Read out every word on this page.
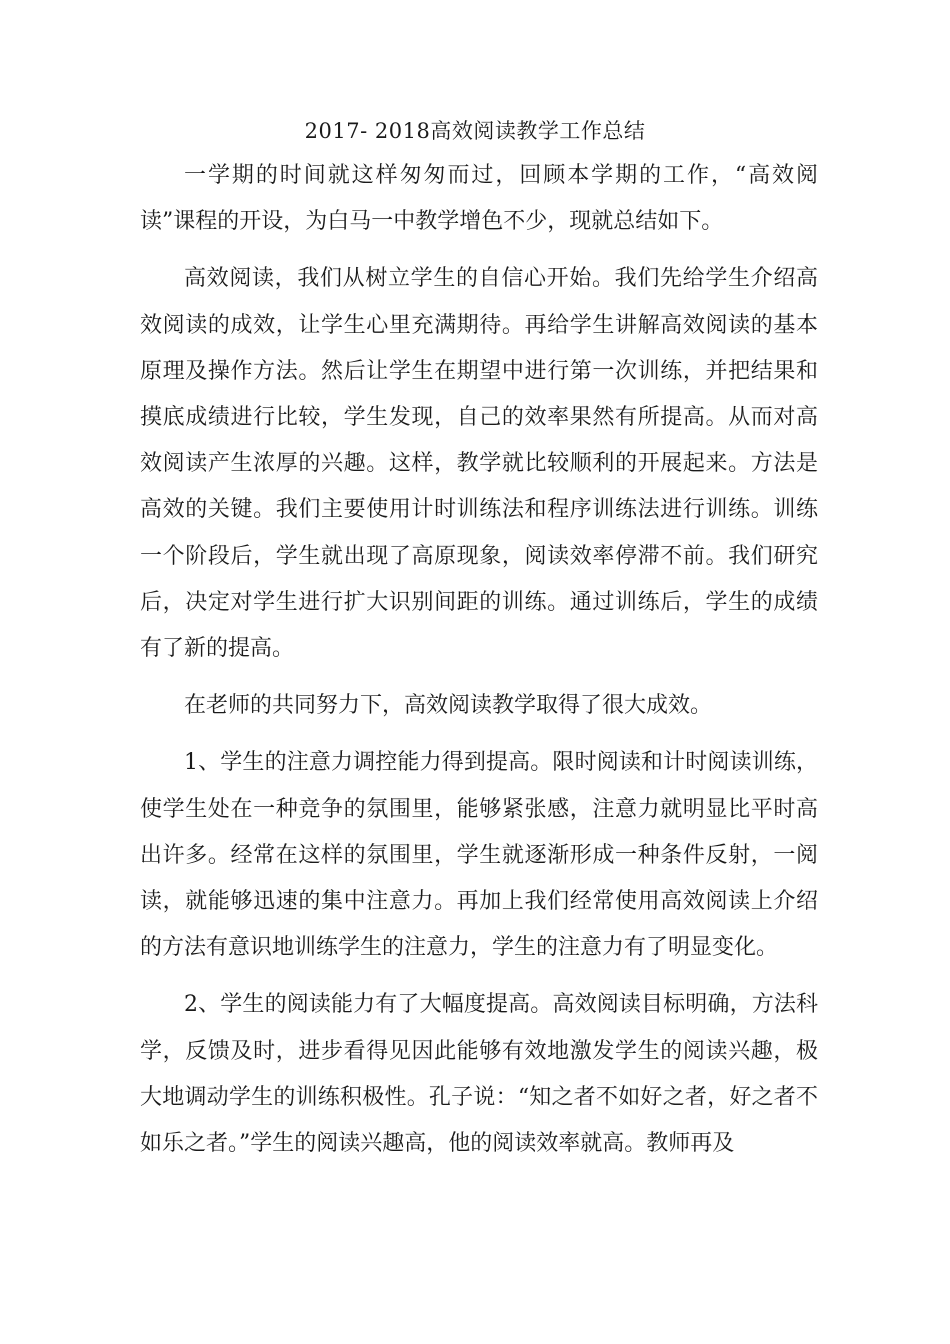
2017- 2018高效阅读教学工作总结

一学期的时间就这样匆匆而过，回顾本学期的工作，“高效阅读”课程的开设，为白马一中教学增色不少，现就总结如下。

高效阅读，我们从树立学生的自信心开始。我们先给学生介绍高效阅读的成效，让学生心里充满期待。再给学生讲解高效阅读的基本原理及操作方法。然后让学生在期望中进行第一次训练，并把结果和摸底成绩进行比较，学生发现，自己的效率果然有所提高。从而对高效阅读产生浓厚的兴趣。这样，教学就比较顺利的开展起来。方法是高效的关键。我们主要使用计时训练法和程序训练法进行训练。训练一个阶段后，学生就出现了高原现象，阅读效率停滞不前。我们研究后，决定对学生进行扩大识别间距的训练。通过训练后，学生的成绩有了新的提高。

在老师的共同努力下，高效阅读教学取得了很大成效。

1、学生的注意力调控能力得到提高。限时阅读和计时阅读训练，使学生处在一种竞争的氛围里，能够紧张感，注意力就明显比平时高出许多。经常在这样的氛围里，学生就逐渐形成一种条件反射，一阅读，就能够迅速的集中注意力。再加上我们经常使用高效阅读上介绍的方法有意识地训练学生的注意力，学生的注意力有了明显变化。

2、学生的阅读能力有了大幅度提高。高效阅读目标明确，方法科学，反馈及时，进步看得见因此能够有效地激发学生的阅读兴趣，极大地调动学生的训练积极性。孔子说：“知之者不如好之者，好之者不如乐之者。”学生的阅读兴趣高，他的阅读效率就高。教师再及
